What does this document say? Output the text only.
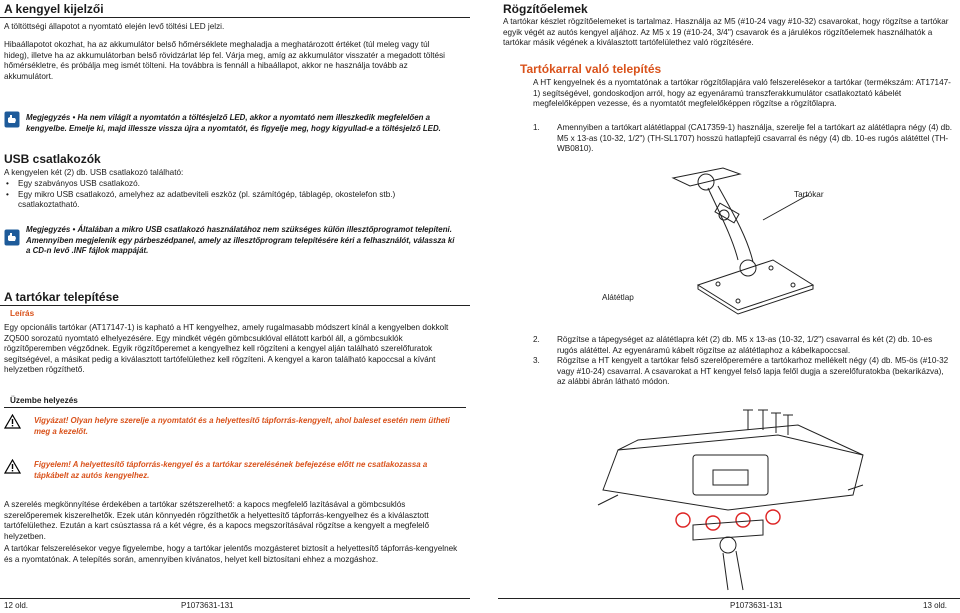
A kengyel kijelzői

A töltöttségi állapotot a nyomtató elején levő töltési LED jelzi.

Hibaállapotot okozhat, ha az akkumulátor belső hőmérséklete meghaladja a meghatározott értéket (túl meleg vagy túl hideg), illetve ha az akkumulátorban belső rövidzárlat lép fel. Várja meg, amíg az akkumulátor visszatér a megadott töltési hőmérsékletre, és próbálja meg ismét tölteni. Ha továbbra is fennáll a hibaállapot, akkor ne használja tovább az akkumulátort.

Megjegyzés • Ha nem világít a nyomtatón a töltésjelző LED, akkor a nyomtató nem illeszkedik megfelelően a kengyelbe. Emelje ki, majd illessze vissza újra a nyomtatót, és figyelje meg, hogy kigyullad-e a töltésjelző LED.

USB csatlakozók

A kengyelen két (2) db. USB csatlakozó található:

• Egy szabványos USB csatlakozó.
• Egy mikro USB csatlakozó, amelyhez az adatbeviteli eszköz (pl. számítógép, táblagép, okostelefon stb.) csatlakoztatható.

Megjegyzés • Általában a mikro USB csatlakozó használatához nem szükséges külön illesztőprogramot telepíteni. Amennyiben megjelenik egy párbeszédpanel, amely az illesztőprogram telepítésére kéri a felhasználót, válassza ki a CD-n levő .INF fájlok mappáját.

A tartókar telepítése

Leírás

Egy opcionális tartókar (AT17147-1) is kapható a HT kengyelhez, amely rugalmasabb módszert kínál a kengyelben dokkolt ZQ500 sorozatú nyomtató elhelyezésére. Egy mindkét végén gömbcsuklóval ellátott karból áll, a gömbcsuklók rögzítőperemben végződnek. Egyik rögzítőperemet a kengyelhez kell rögzíteni a kengyel alján található szerelőfuratok segítségével, a másikat pedig a kiválasztott tartófelülethez kell rögzíteni. A kengyel a karon található kapoccsal a kívánt helyzetben rögzíthető.

Üzembe helyezés

Vigyázat! Olyan helyre szerelje a nyomtatót és a helyettesítő tápforrás-kengyelt, ahol baleset esetén nem ütheti meg a kezelőt.

Figyelem! A helyettesítő tápforrás-kengyel és a tartókar szerelésének befejezése előtt ne csatlakozassa a tápkábelt az autós kengyelhez.

A szerelés megkönnyítése érdekében a tartókar szétszerelhető: a kapocs megfelelő lazításával a gömbcsuklós szerelőperemek kiszerelhetők. Ezek után könnyedén rögzíthetők a helyettesítő tápforrás-kengyelhez és a kiválasztott tartófelülethez. Ezután a kart csúsztassa rá a két végre, és a kapocs megszorításával rögzítse a kengyelt a megfelelő helyzetben.

A tartókar felszerelésekor vegye figyelembe, hogy a tartókar jelentős mozgásteret biztosít a helyettesítő tápforrás-kengyelnek és a nyomtatónak. A telepítés során, amennyiben kívánatos, helyet kell biztosítani ehhez a mozgáshoz.

12 old.	P1073631-131
Rögzítőelemek

A tartókar készlet rögzítőelemeket is tartalmaz. Használja az M5 (#10-24 vagy #10-32) csavarokat, hogy rögzítse a tartókar egyik végét az autós kengyel aljához. Az M5 x 19 (#10-24, 3/4") csavarok és a járulékos rögzítőelemek használhatók a tartókar másik végének a kiválasztott tartófelülethez való rögzítésére.

Tartókarral való telepítés

A HT kengyelnek és a nyomtatónak a tartókar rögzítőlapjára való felszerelésekor a tartókar (termékszám: AT17147-1) segítségével, gondoskodjon arról, hogy az egyenáramú transzferakkumulátor csatlakoztató kábelét megfelelőképpen vezesse, és a nyomtatót megfelelőképpen rögzítse a rögzítőlapra.

1. Amennyiben a tartókart alátétlappal (CA17359-1) használja, szerelje fel a tartókart az alátétlapra négy (4) db. M5 x 13-as (10-32, 1/2") (TH-SL1707) hosszú hatlapfejű csavarral és négy (4) db. 10-es rugós alátéttel (TH-WB0810).
Tartókar
Alátétlap
2. Rögzítse a tápegységet az alátétlapra két (2) db. M5 x 13-as (10-32, 1/2") csavarral és két (2) db. 10-es rugós alátéttel. Az egyenáramú kábelt rögzítse az alátétlaphoz a kábelkapoccsal.
3. Rögzítse a HT kengyelt a tartókar felső szerelőperemére a tartókarhoz mellékelt négy (4) db. M5-ös (#10-32 vagy #10-24) csavarral. A csavarokat a HT kengyel felső lapja felől dugja a szerelőfuratokba (bekarikázva), az alábbi ábrán látható módon.
P1073631-131	13 old.
